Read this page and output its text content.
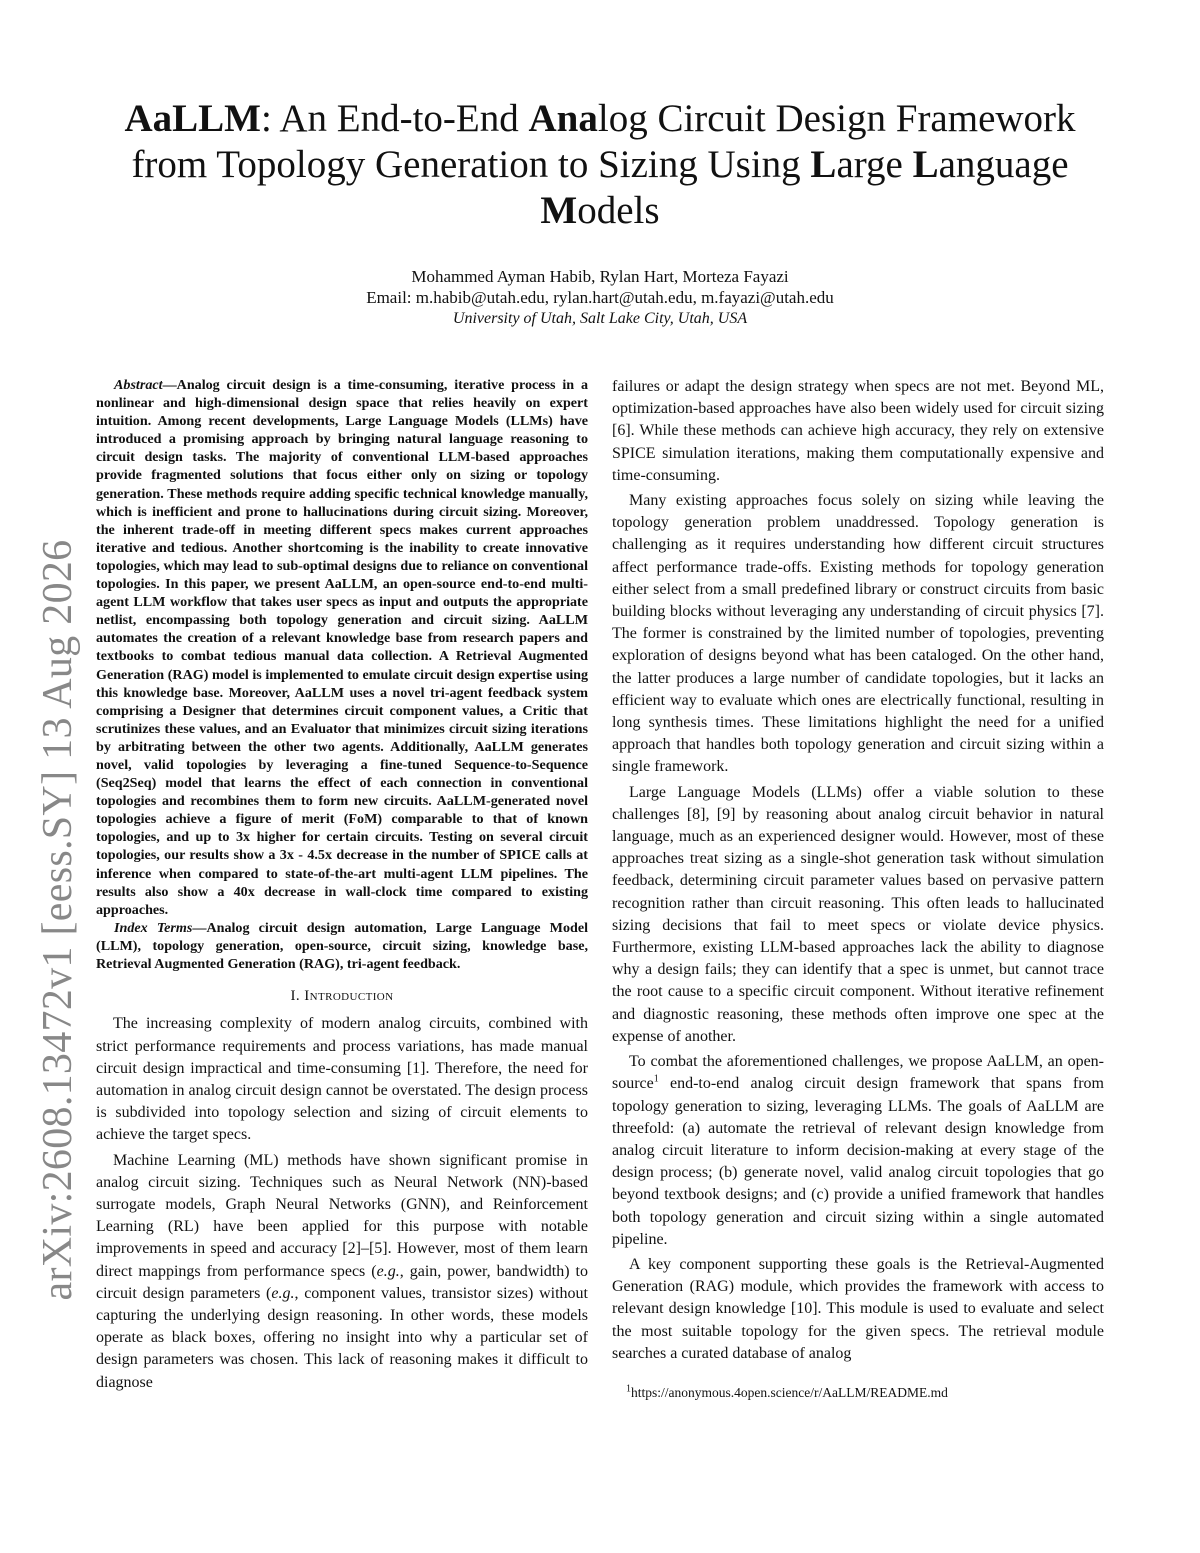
arXiv:2608.13472v1 [eess.SY] 13 Aug 2026
AaLLM: An End-to-End Analog Circuit Design Framework from Topology Generation to Sizing Using Large Language Models
Mohammed Ayman Habib, Rylan Hart, Morteza Fayazi
Email: m.habib@utah.edu, rylan.hart@utah.edu, m.fayazi@utah.edu
University of Utah, Salt Lake City, Utah, USA

Abstract—Analog circuit design is a time-consuming, iterative process in a nonlinear and high-dimensional design space that relies heavily on expert intuition. Among recent developments, Large Language Models (LLMs) have introduced a promising approach by bringing natural language reasoning to circuit design tasks. The majority of conventional LLM-based approaches provide fragmented solutions that focus either only on sizing or topology generation. These methods require adding specific technical knowledge manually, which is inefficient and prone to hallucinations during circuit sizing. Moreover, the inherent trade-off in meeting different specs makes current approaches iterative and tedious. Another shortcoming is the inability to create innovative topologies, which may lead to sub-optimal designs due to reliance on conventional topologies. In this paper, we present AaLLM, an open-source end-to-end multi-agent LLM workflow that takes user specs as input and outputs the appropriate netlist, encompassing both topology generation and circuit sizing. AaLLM automates the creation of a relevant knowledge base from research papers and textbooks to combat tedious manual data collection. A Retrieval Augmented Generation (RAG) model is implemented to emulate circuit design expertise using this knowledge base. Moreover, AaLLM uses a novel tri-agent feedback system comprising a Designer that determines circuit component values, a Critic that scrutinizes these values, and an Evaluator that minimizes circuit sizing iterations by arbitrating between the other two agents. Additionally, AaLLM generates novel, valid topologies by leveraging a fine-tuned Sequence-to-Sequence (Seq2Seq) model that learns the effect of each connection in conventional topologies and recombines them to form new circuits. AaLLM-generated novel topologies achieve a figure of merit (FoM) comparable to that of known topologies, and up to 3x higher for certain circuits. Testing on several circuit topologies, our results show a 3x - 4.5x decrease in the number of SPICE calls at inference when compared to state-of-the-art multi-agent LLM pipelines. The results also show a 40x decrease in wall-clock time compared to existing approaches.

Index Terms—Analog circuit design automation, Large Language Model (LLM), topology generation, open-source, circuit sizing, knowledge base, Retrieval Augmented Generation (RAG), tri-agent feedback.

I. Introduction

The increasing complexity of modern analog circuits, combined with strict performance requirements and process variations, has made manual circuit design impractical and time-consuming [1]. Therefore, the need for automation in analog circuit design cannot be overstated. The design process is subdivided into topology selection and sizing of circuit elements to achieve the target specs.

Machine Learning (ML) methods have shown significant promise in analog circuit sizing. Techniques such as Neural Network (NN)-based surrogate models, Graph Neural Networks (GNN), and Reinforcement Learning (RL) have been applied for this purpose with notable improvements in speed and accuracy [2]–[5]. However, most of them learn direct mappings from performance specs (e.g., gain, power, bandwidth) to circuit design parameters (e.g., component values, transistor sizes) without capturing the underlying design reasoning. In other words, these models operate as black boxes, offering no insight into why a particular set of design parameters was chosen. This lack of reasoning makes it difficult to diagnose

failures or adapt the design strategy when specs are not met. Beyond ML, optimization-based approaches have also been widely used for circuit sizing [6]. While these methods can achieve high accuracy, they rely on extensive SPICE simulation iterations, making them computationally expensive and time-consuming.

Many existing approaches focus solely on sizing while leaving the topology generation problem unaddressed. Topology generation is challenging as it requires understanding how different circuit structures affect performance trade-offs. Existing methods for topology generation either select from a small predefined library or construct circuits from basic building blocks without leveraging any understanding of circuit physics [7]. The former is constrained by the limited number of topologies, preventing exploration of designs beyond what has been cataloged. On the other hand, the latter produces a large number of candidate topologies, but it lacks an efficient way to evaluate which ones are electrically functional, resulting in long synthesis times. These limitations highlight the need for a unified approach that handles both topology generation and circuit sizing within a single framework.

Large Language Models (LLMs) offer a viable solution to these challenges [8], [9] by reasoning about analog circuit behavior in natural language, much as an experienced designer would. However, most of these approaches treat sizing as a single-shot generation task without simulation feedback, determining circuit parameter values based on pervasive pattern recognition rather than circuit reasoning. This often leads to hallucinated sizing decisions that fail to meet specs or violate device physics. Furthermore, existing LLM-based approaches lack the ability to diagnose why a design fails; they can identify that a spec is unmet, but cannot trace the root cause to a specific circuit component. Without iterative refinement and diagnostic reasoning, these methods often improve one spec at the expense of another.

To combat the aforementioned challenges, we propose AaLLM, an open-source$^1$ end-to-end analog circuit design framework that spans from topology generation to sizing, leveraging LLMs. The goals of AaLLM are threefold: (a) automate the retrieval of relevant design knowledge from analog circuit literature to inform decision-making at every stage of the design process; (b) generate novel, valid analog circuit topologies that go beyond textbook designs; and (c) provide a unified framework that handles both topology generation and circuit sizing within a single automated pipeline.

A key component supporting these goals is the Retrieval-Augmented Generation (RAG) module, which provides the framework with access to relevant design knowledge [10]. This module is used to evaluate and select the most suitable topology for the given specs. The retrieval module searches a curated database of analog

$^1$https://anonymous.4open.science/r/AaLLM/README.md
